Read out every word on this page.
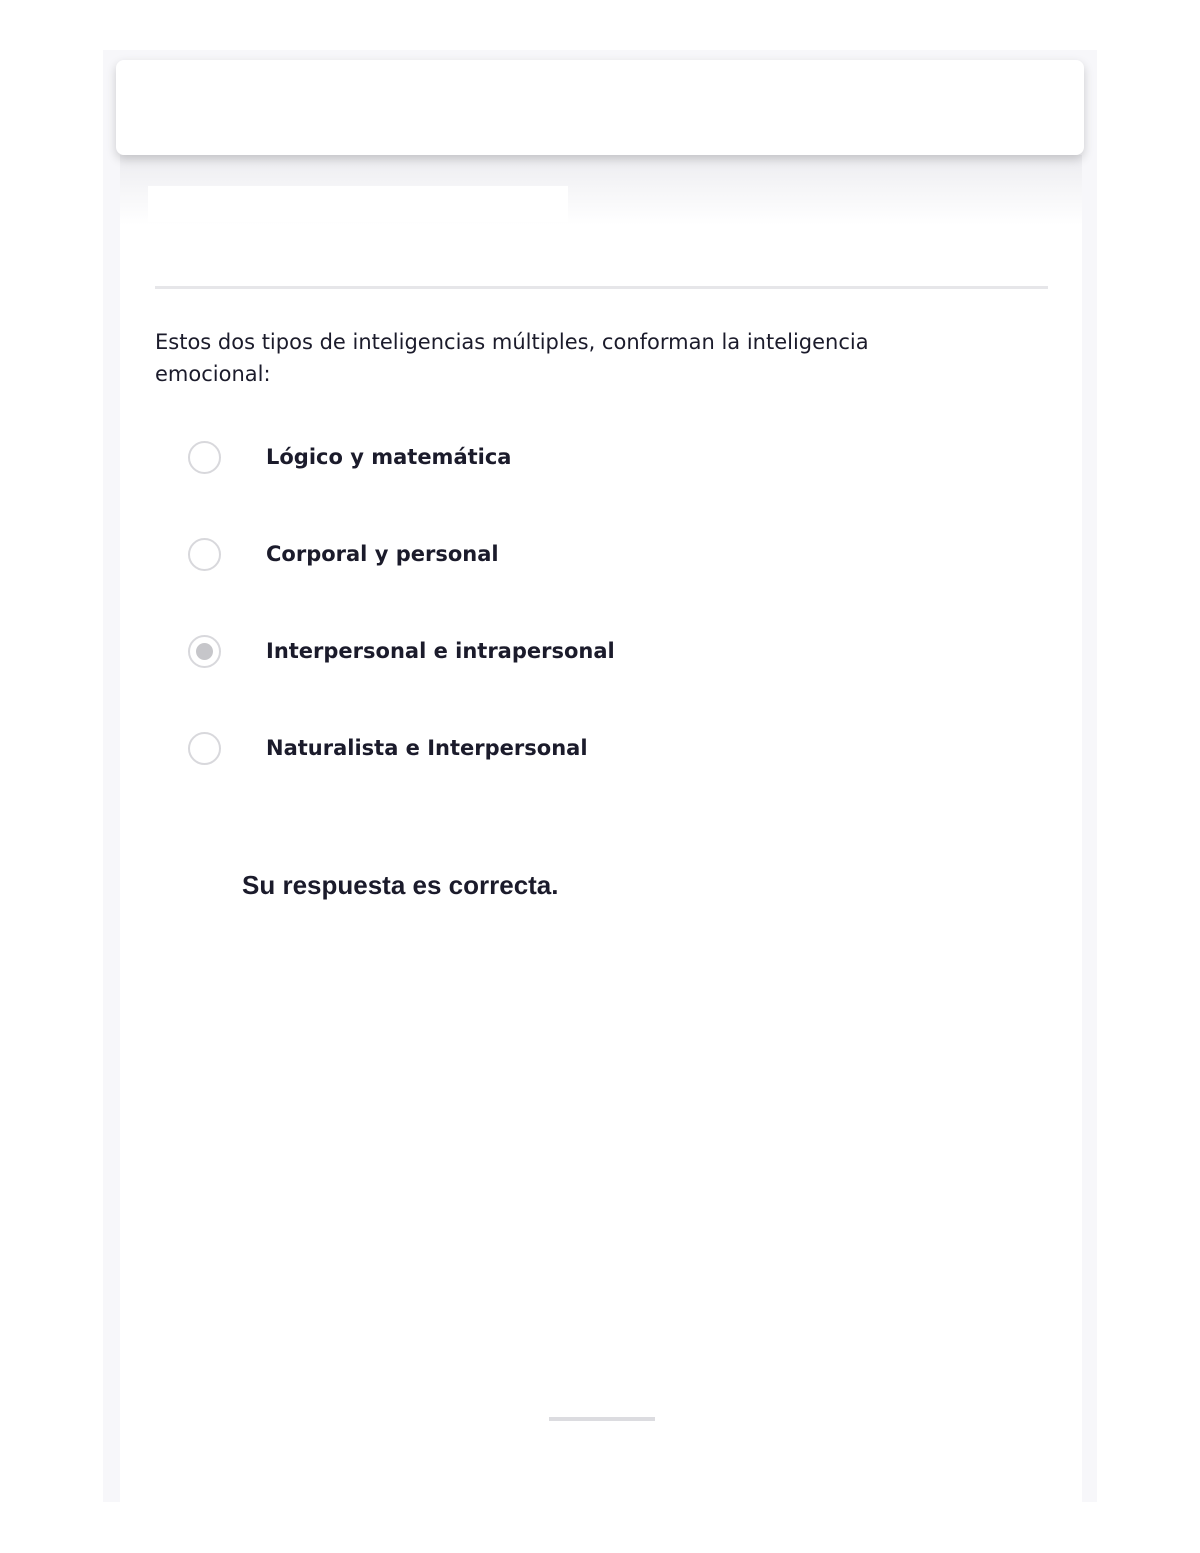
Estos dos tipos de inteligencias múltiples, conforman la inteligencia emocional:
Lógico y matemática
Corporal y personal
Interpersonal e intrapersonal
Naturalista e Interpersonal
Su respuesta es correcta.
